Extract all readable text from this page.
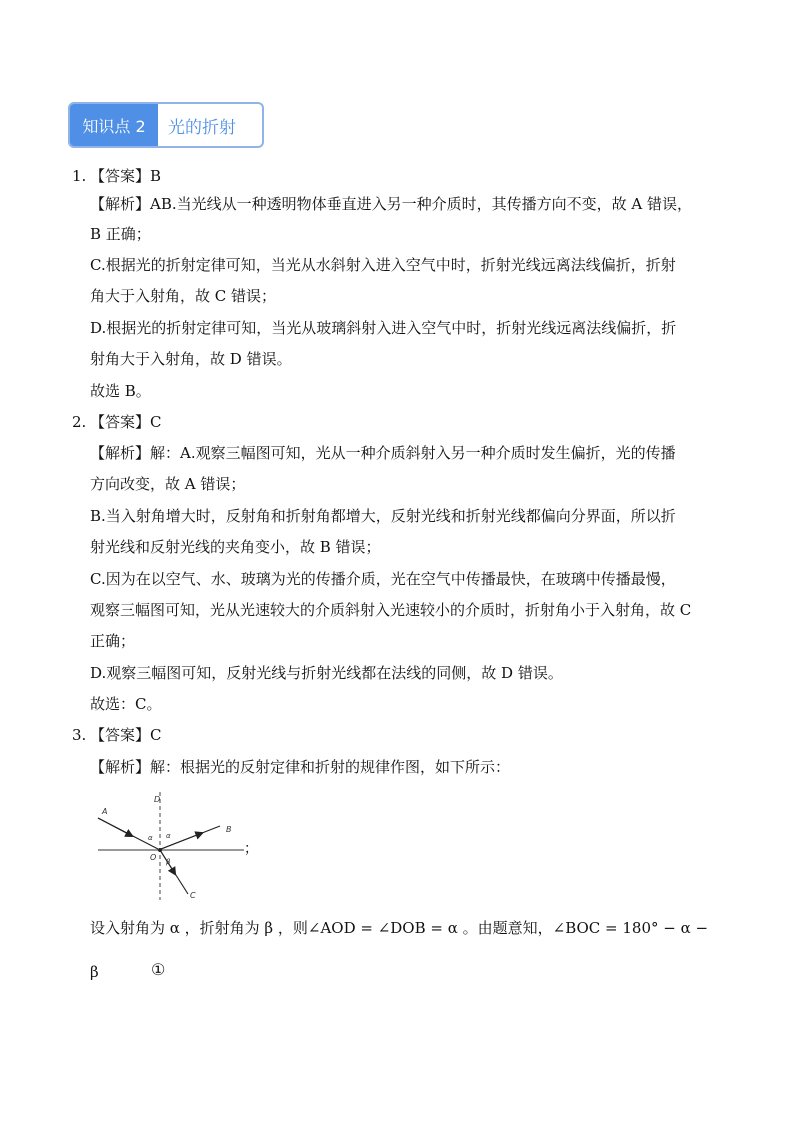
知识点 2	光的折射
1. 【答案】B
【解析】AB.当光线从一种透明物体垂直进入另一种介质时，其传播方向不变，故 A 错误，
B 正确；
C.根据光的折射定律可知，当光从水斜射入进入空气中时，折射光线远离法线偏折，折射
角大于入射角，故 C 错误；
D.根据光的折射定律可知，当光从玻璃斜射入进入空气中时，折射光线远离法线偏折，折
射角大于入射角，故 D 错误。
故选 B。
2. 【答案】C
【解析】解：A.观察三幅图可知，光从一种介质斜射入另一种介质时发生偏折，光的传播
方向改变，故 A 错误；
B.当入射角增大时，反射角和折射角都增大，反射光线和折射光线都偏向分界面，所以折
射光线和反射光线的夹角变小，故 B 错误；
C.因为在以空气、水、玻璃为光的传播介质，光在空气中传播最快，在玻璃中传播最慢，
观察三幅图可知，光从光速较大的介质斜射入光速较小的介质时，折射角小于入射角，故 C
正确；
D.观察三幅图可知，反射光线与折射光线都在法线的同侧，故 D 错误。
故选：C。
3. 【答案】C
【解析】解：根据光的反射定律和折射的规律作图，如下所示：
D
A
B
α α
O β
C
；
设入射角为 α ，折射角为 β ，则∠AOD = ∠DOB = α 。由题意知，∠BOC = 180° − α −
β	①
